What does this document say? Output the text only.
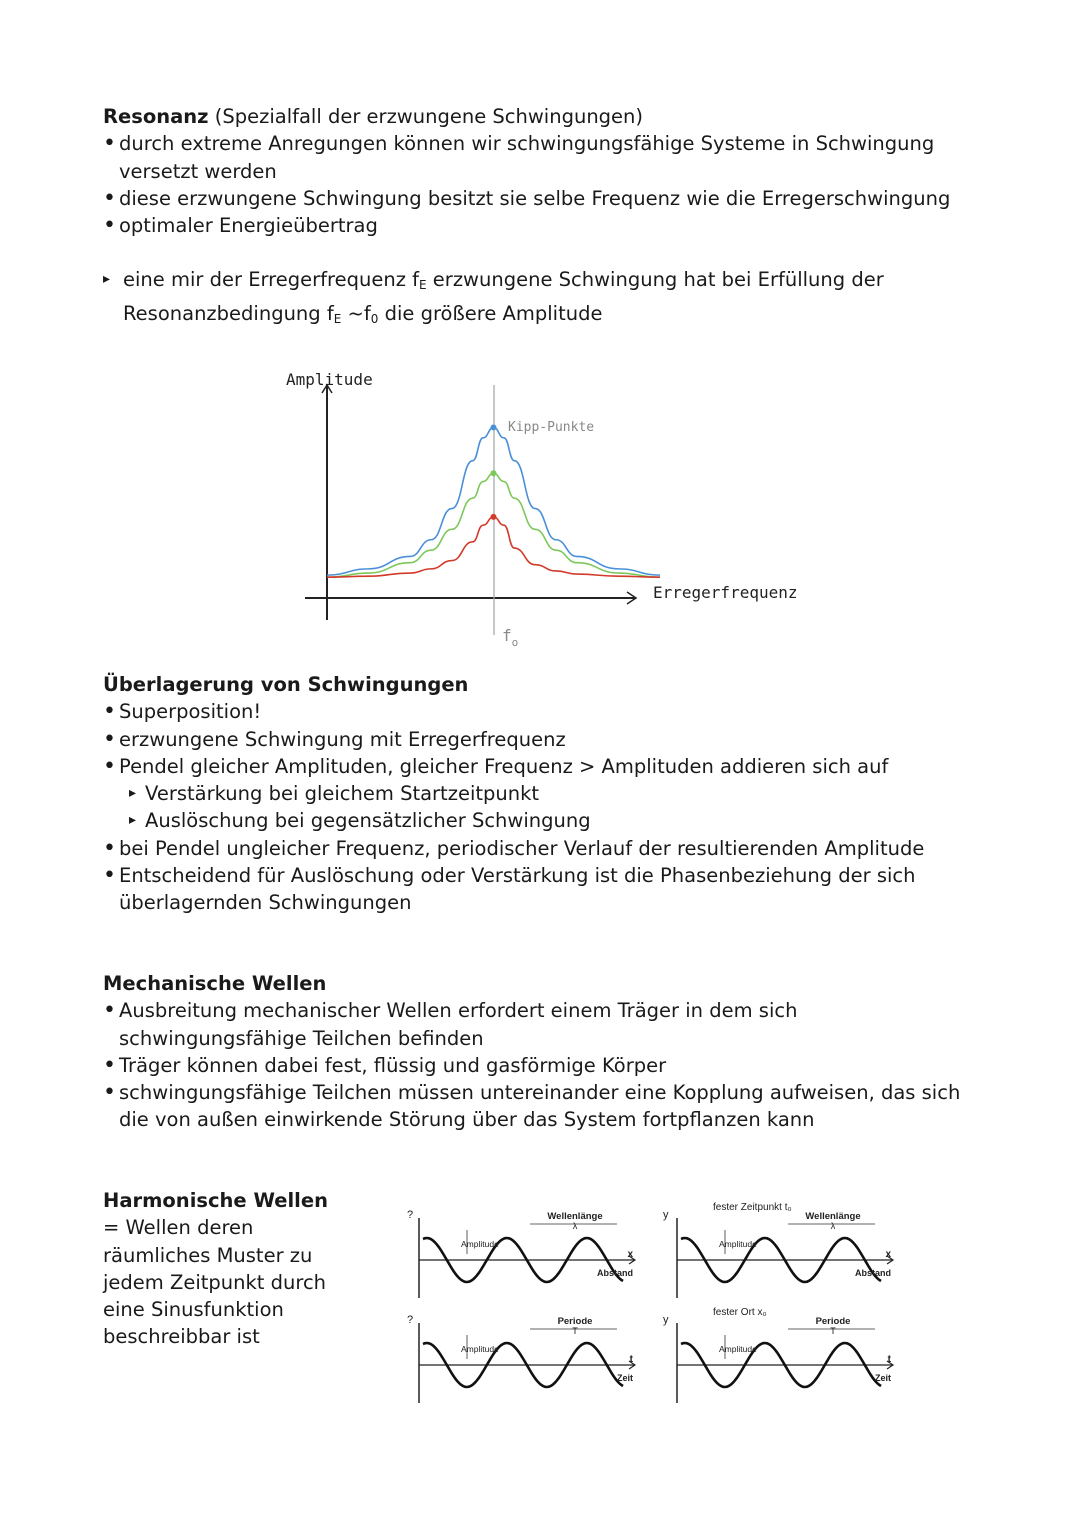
Resonanz (Spezialfall der erzwungene Schwingungen)
• durch extreme Anregungen können wir schwingungsfähige Systeme in Schwingung versetzt werden
• diese erzwungene Schwingung besitzt sie selbe Frequenz wie die Erregerschwingung
• optimaler Energieübertrag
▸ eine mir der Erregerfrequenz $f_E$ erzwungene Schwingung hat bei Erfüllung der Resonanzbedingung $f_E$ $\sim f_0$ die größere Amplitude
Amplitude
Erregerfrequenz
Kipp-Punkte
$f_o$
Überlagerung von Schwingungen
• Superposition!
• erzwungene Schwingung mit Erregerfrequenz
• Pendel gleicher Amplituden, gleicher Frequenz > Amplituden addieren sich auf
▸ Verstärkung bei gleichem Startzeitpunkt
▸ Auslöschung bei gegensätzlicher Schwingung
• bei Pendel ungleicher Frequenz, periodischer Verlauf der resultierenden Amplitude
• Entscheidend für Auslöschung oder Verstärkung ist die Phasenbeziehung der sich überlagernden Schwingungen
Mechanische Wellen
• Ausbreitung mechanischer Wellen erfordert einem Träger in dem sich schwingungsfähige Teilchen befinden
• Träger können dabei fest, flüssig und gasförmige Körper
• schwingungsfähige Teilchen müssen untereinander eine Kopplung aufweisen, das sich die von außen einwirkende Störung über das System fortpflanzen kann
Harmonische Wellen
= Wellen deren räumliches Muster zu jedem Zeitpunkt durch eine Sinusfunktion beschreibbar ist
?
Amplitude
Wellenlänge
λ
x
Abstand
y
Amplitude
Wellenlänge
λ
x
Abstand
fester Zeitpunkt t₀
?
Amplitude
Periode
T
t
Zeit
y
Amplitude
Periode
T
t
Zeit
fester Ort x₀
